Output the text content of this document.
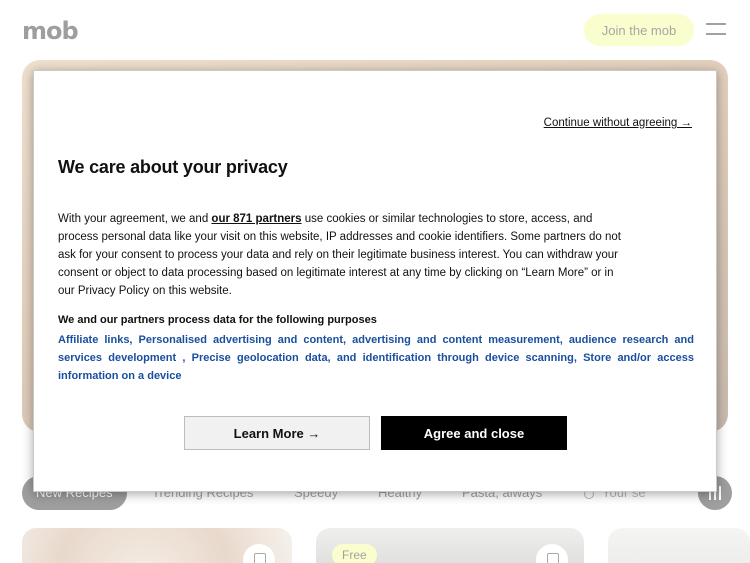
Continue without agreeing →
We care about your privacy

With your agreement, we and our 871 partners use cookies or similar technologies to store, access, and process personal data like your visit on this website, IP addresses and cookie identifiers. Some partners do not ask for your consent to process your data and rely on their legitimate business interest. You can withdraw your consent or object to data processing based on legitimate interest at any time by clicking on “Learn More” or in our Privacy Policy on this website.

We and our partners process data for the following purposes
Affiliate links, Personalised advertising and content, advertising and content measurement, audience research and services development , Precise geolocation data, and identification through device scanning, Store and/or access information on a device
Learn More →	Agree and close
